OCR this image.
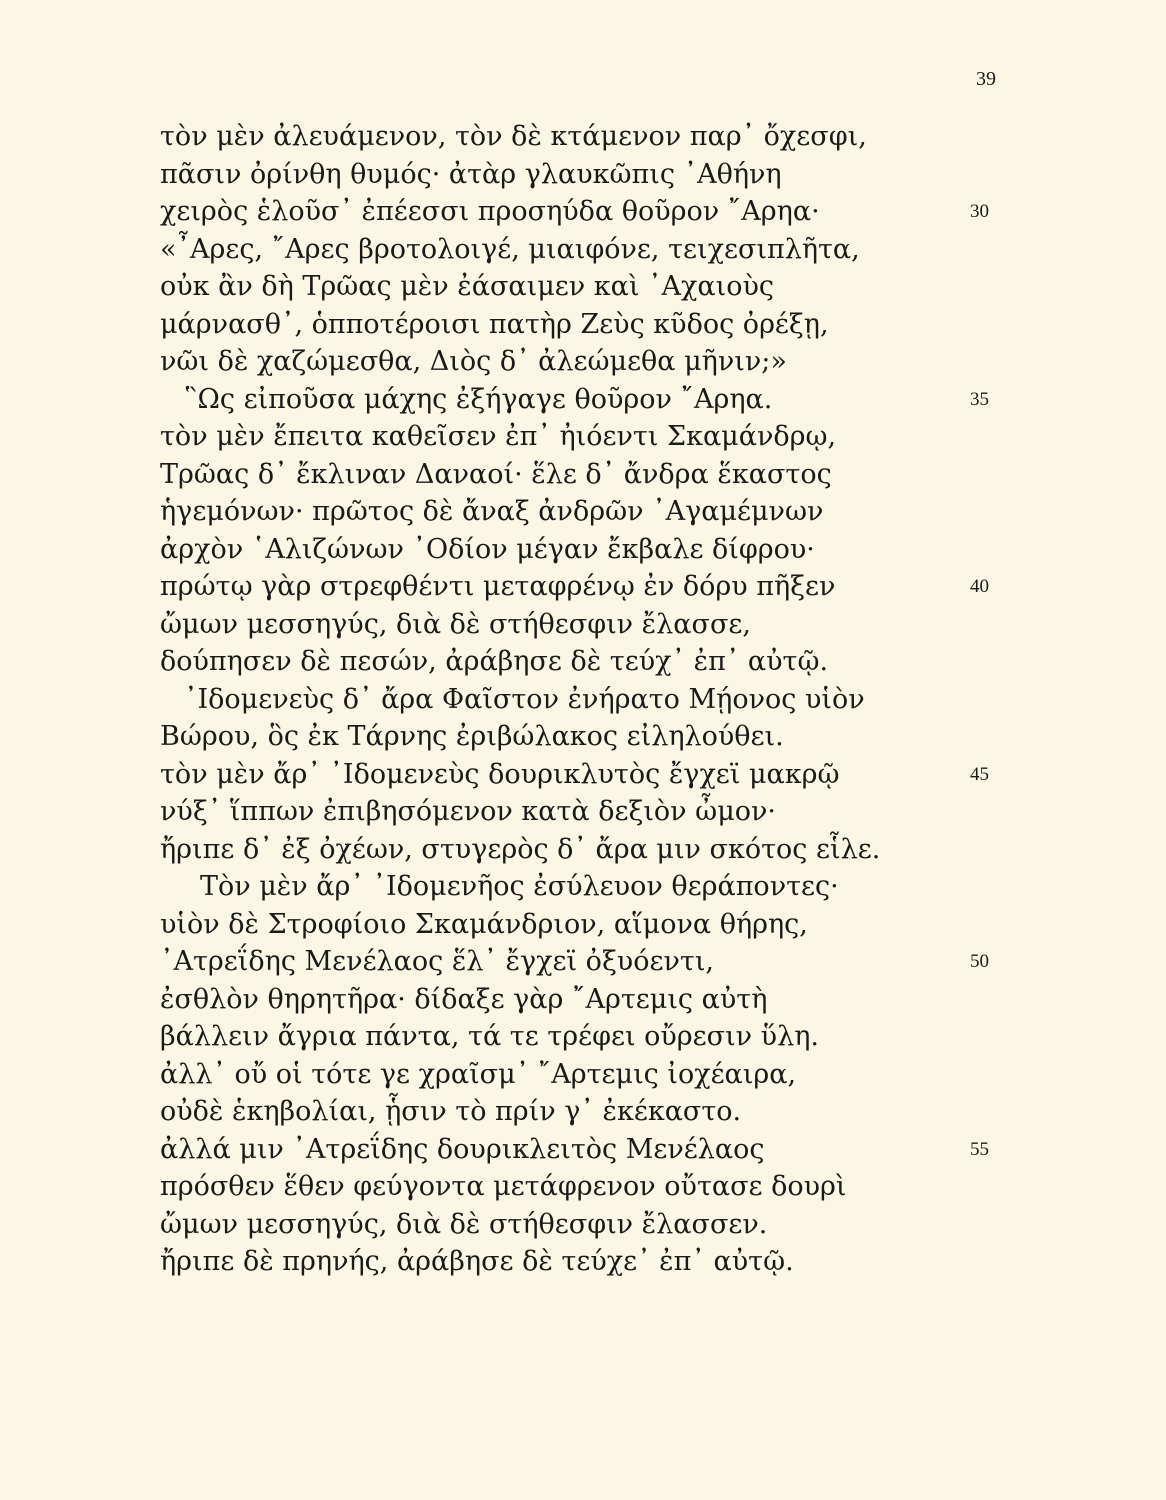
39
τὸν μὲν ἀλευάμενον, τὸν δὲ κτάμενον παρ᾿ ὄχεσφι,
πᾶσιν ὀρίνθη θυμός· ἀτὰρ γλαυκῶπις ᾿Αθήνη
χειρὸς ἑλοῦσ᾿ ἐπέεσσι προσηύδα θοῦρον ῎Αρηα·	30
«῏Αρες, ῎Αρες βροτολοιγέ, μιαιφόνε, τειχεσιπλῆτα,
οὐκ ἂν δὴ Τρῶας μὲν ἐάσαιμεν καὶ ᾿Αχαιοὺς
μάρνασθ᾿, ὁπποτέροισι πατὴρ Ζεὺς κῦδος ὀρέξῃ,
νῶι δὲ χαζώμεσθα, Διὸς δ᾿ ἀλεώμεθα μῆνιν;»
῝Ως εἰποῦσα μάχης ἐξήγαγε θοῦρον ῎Αρηα.	35
τὸν μὲν ἔπειτα καθεῖσεν ἐπ᾿ ἠιόεντι Σκαμάνδρῳ,
Τρῶας δ᾿ ἔκλιναν Δαναοί· ἕλε δ᾿ ἄνδρα ἕκαστος
ἡγεμόνων· πρῶτος δὲ ἄναξ ἀνδρῶν ᾿Αγαμέμνων
ἀρχὸν ῾Αλιζώνων ᾿Οδίον μέγαν ἔκβαλε δίφρου·
πρώτῳ γὰρ στρεφθέντι μεταφρένῳ ἐν δόρυ πῆξεν	40
ὤμων μεσσηγύς, διὰ δὲ στήθεσφιν ἔλασσε,
δούπησεν δὲ πεσών, ἀράβησε δὲ τεύχ᾿ ἐπ᾿ αὐτῷ.
᾿Ιδομενεὺς δ᾿ ἄρα Φαῖστον ἐνήρατο Μῄονος υἱὸν
Βώρου, ὃς ἐκ Τάρνης ἐριβώλακος εἰληλούθει.
τὸν μὲν ἄρ᾿ ᾿Ιδομενεὺς δουρικλυτὸς ἔγχεϊ μακρῷ	45
νύξ᾿ ἵππων ἐπιβησόμενον κατὰ δεξιὸν ὦμον·
ἤριπε δ᾿ ἐξ ὀχέων, στυγερὸς δ᾿ ἄρα μιν σκότος εἷλε.
Τὸν μὲν ἄρ᾿ ᾿Ιδομενῆος ἐσύλευον θεράποντες·
υἱὸν δὲ Στροφίοιο Σκαμάνδριον, αἵμονα θήρης,
᾿Ατρεΐδης Μενέλαος ἕλ᾿ ἔγχεϊ ὀξυόεντι,	50
ἐσθλὸν θηρητῆρα· δίδαξε γὰρ ῎Αρτεμις αὐτὴ
βάλλειν ἄγρια πάντα, τά τε τρέφει οὔρεσιν ὕλη.
ἀλλ᾿ οὔ οἱ τότε γε χραῖσμ᾿ ῎Αρτεμις ἰοχέαιρα,
οὐδὲ ἑκηβολίαι, ᾗσιν τὸ πρίν γ᾿ ἐκέκαστο.
ἀλλά μιν ᾿Ατρεΐδης δουρικλειτὸς Μενέλαος	55
πρόσθεν ἕθεν φεύγοντα μετάφρενον οὔτασε δουρὶ
ὤμων μεσσηγύς, διὰ δὲ στήθεσφιν ἔλασσεν.
ἤριπε δὲ πρηνής, ἀράβησε δὲ τεύχε᾿ ἐπ᾿ αὐτῷ.
